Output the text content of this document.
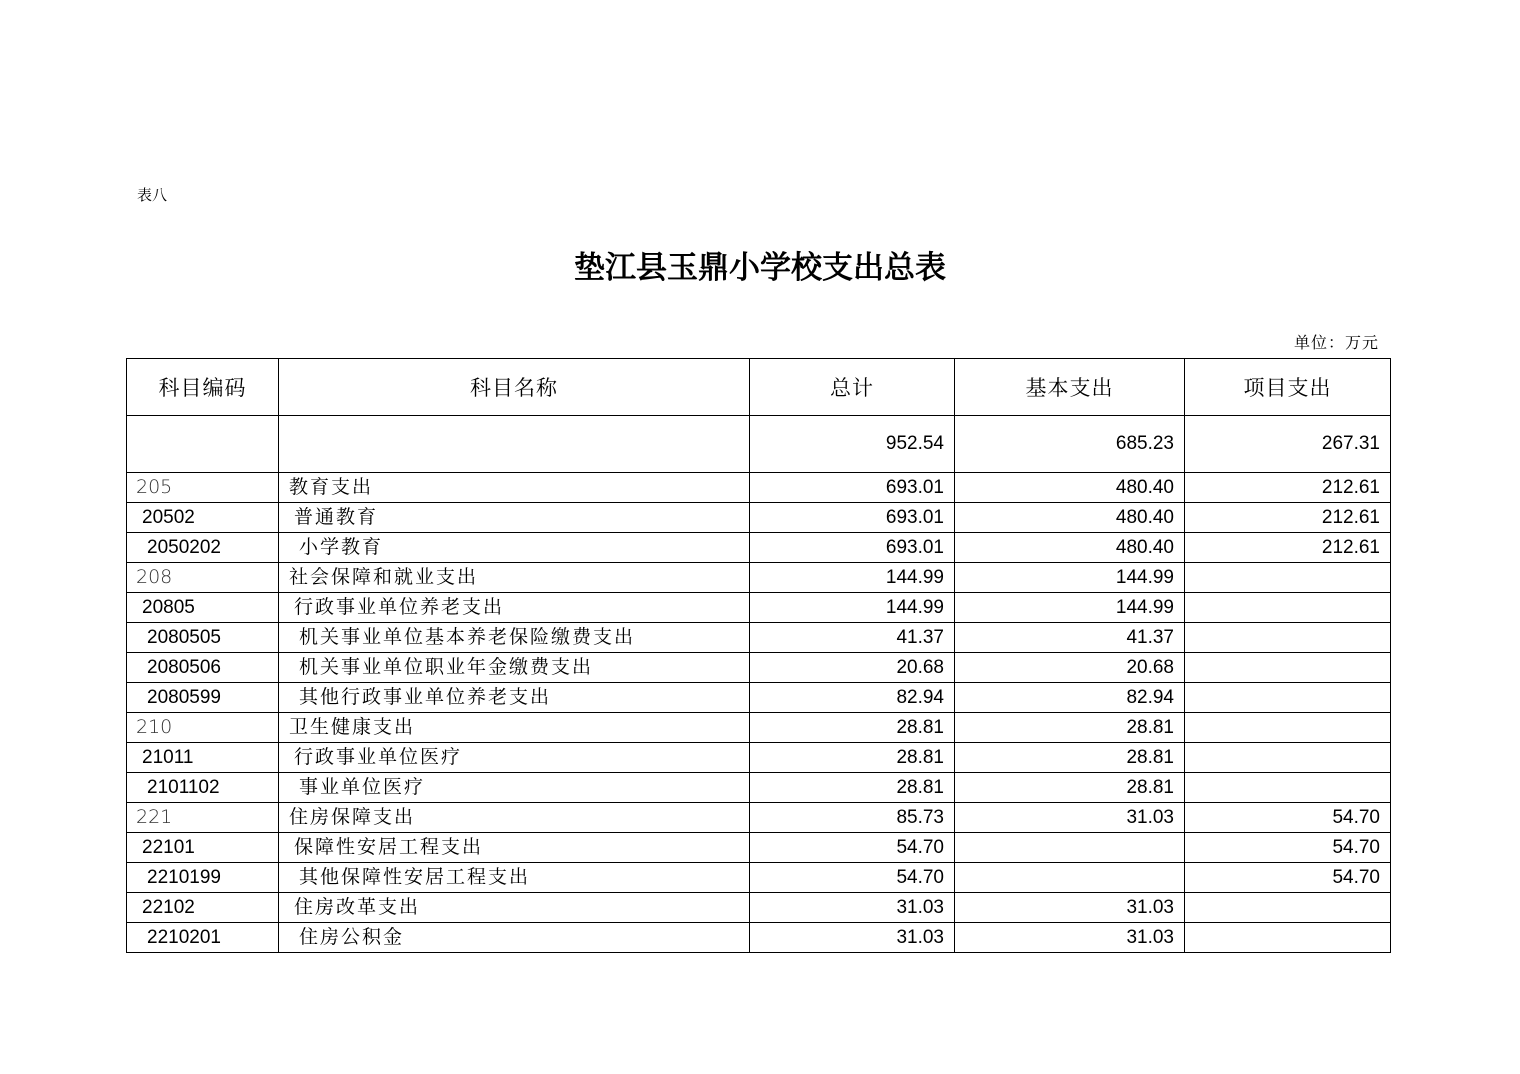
表八
垫江县玉鼎小学校支出总表
单位：万元
科目编码	科目名称	总计	基本支出	项目支出
		952.54	685.23	267.31
205	教育支出	693.01	480.40	212.61
20502	普通教育	693.01	480.40	212.61
2050202	小学教育	693.01	480.40	212.61
208	社会保障和就业支出	144.99	144.99	
20805	行政事业单位养老支出	144.99	144.99	
2080505	机关事业单位基本养老保险缴费支出	41.37	41.37	
2080506	机关事业单位职业年金缴费支出	20.68	20.68	
2080599	其他行政事业单位养老支出	82.94	82.94	
210	卫生健康支出	28.81	28.81	
21011	行政事业单位医疗	28.81	28.81	
2101102	事业单位医疗	28.81	28.81	
221	住房保障支出	85.73	31.03	54.70
22101	保障性安居工程支出	54.70		54.70
2210199	其他保障性安居工程支出	54.70		54.70
22102	住房改革支出	31.03	31.03	
2210201	住房公积金	31.03	31.03	
